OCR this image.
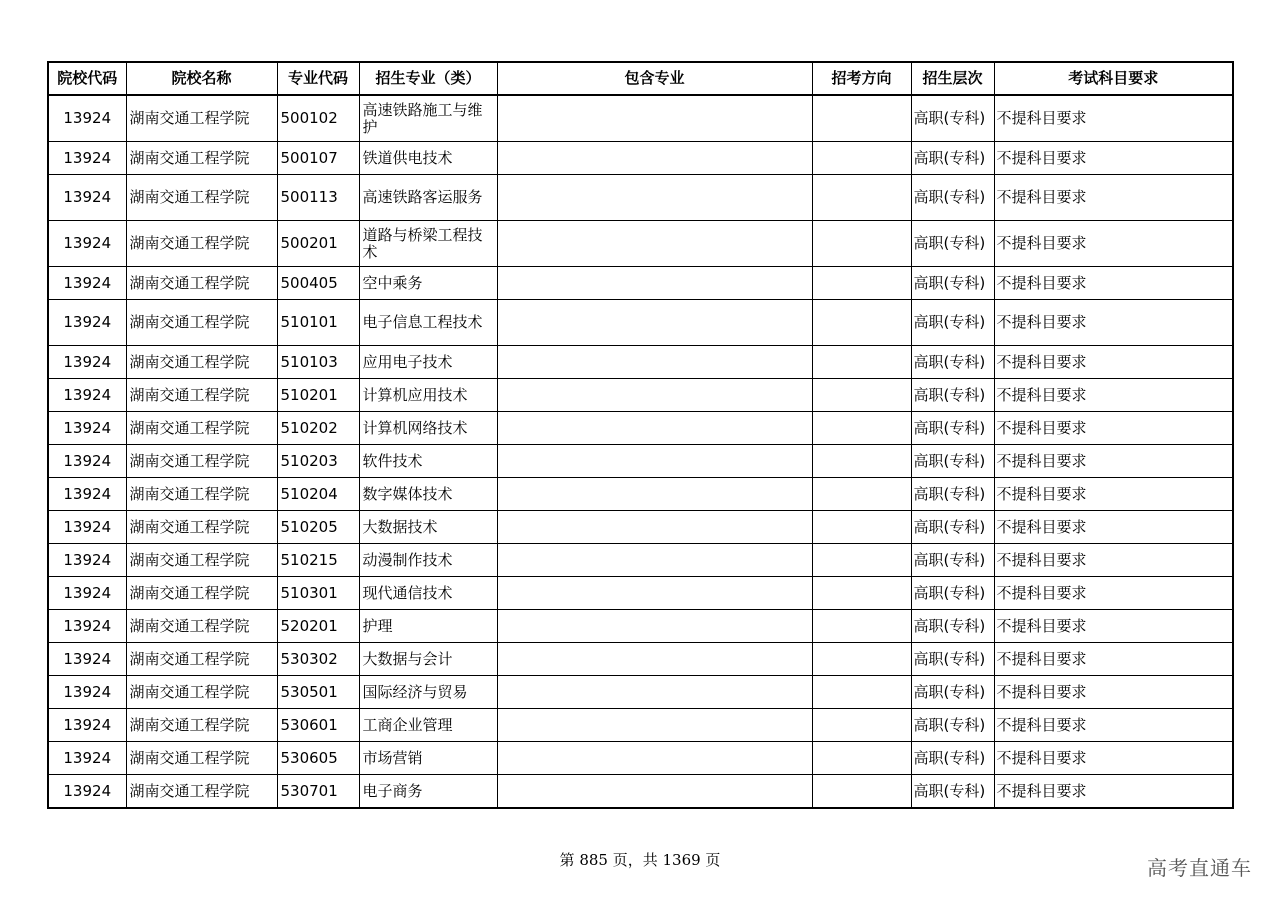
院校代码	院校名称	专业代码	招生专业（类）	包含专业	招考方向	招生层次	考试科目要求
13924	湖南交通工程学院	500102	高速铁路施工与维护			高职(专科)	不提科目要求
13924	湖南交通工程学院	500107	铁道供电技术			高职(专科)	不提科目要求
13924	湖南交通工程学院	500113	高速铁路客运服务			高职(专科)	不提科目要求
13924	湖南交通工程学院	500201	道路与桥梁工程技术			高职(专科)	不提科目要求
13924	湖南交通工程学院	500405	空中乘务			高职(专科)	不提科目要求
13924	湖南交通工程学院	510101	电子信息工程技术			高职(专科)	不提科目要求
13924	湖南交通工程学院	510103	应用电子技术			高职(专科)	不提科目要求
13924	湖南交通工程学院	510201	计算机应用技术			高职(专科)	不提科目要求
13924	湖南交通工程学院	510202	计算机网络技术			高职(专科)	不提科目要求
13924	湖南交通工程学院	510203	软件技术			高职(专科)	不提科目要求
13924	湖南交通工程学院	510204	数字媒体技术			高职(专科)	不提科目要求
13924	湖南交通工程学院	510205	大数据技术			高职(专科)	不提科目要求
13924	湖南交通工程学院	510215	动漫制作技术			高职(专科)	不提科目要求
13924	湖南交通工程学院	510301	现代通信技术			高职(专科)	不提科目要求
13924	湖南交通工程学院	520201	护理			高职(专科)	不提科目要求
13924	湖南交通工程学院	530302	大数据与会计			高职(专科)	不提科目要求
13924	湖南交通工程学院	530501	国际经济与贸易			高职(专科)	不提科目要求
13924	湖南交通工程学院	530601	工商企业管理			高职(专科)	不提科目要求
13924	湖南交通工程学院	530605	市场营销			高职(专科)	不提科目要求
13924	湖南交通工程学院	530701	电子商务			高职(专科)	不提科目要求
第 885 页，共 1369 页	高考直通车
